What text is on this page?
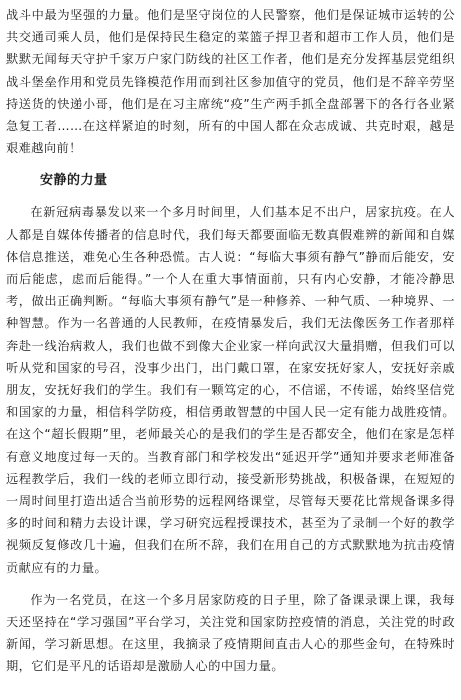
战斗中最为坚强的力量。他们是坚守岗位的人民警察，他们是保证城市运转的公共交通司乘人员，他们是保持民生稳定的菜篮子捍卫者和超市工作人员，他们是默默无闻每天守护千家万户家门防线的社区工作者，他们是充分发挥基层党组织战斗堡垒作用和党员先锋模范作用而到社区参加值守的党员，他们是不辞辛劳坚持送货的快递小哥，他们是在习主席统“疫”生产两手抓全盘部署下的各行各业紧急复工者……在这样紧迫的时刻，所有的中国人都在众志成诚、共克时艰，越是艰难越向前！

安静的力量

在新冠病毒暴发以来一个多月时间里，人们基本足不出户，居家抗疫。在人人都是自媒体传播者的信息时代，我们每天都要面临无数真假难辨的新闻和自媒体信息推送，难免心生各种恐慌。古人说：“每临大事须有静气”静而后能安，安而后能虑，虑而后能得。”一个人在重大事情面前，只有内心安静，才能冷静思考，做出正确判断。“每临大事须有静气”是一种修养、一种气质、一种境界、一种智慧。作为一名普通的人民教师，在疫情暴发后，我们无法像医务工作者那样奔赴一线治病救人，我们也做不到像大企业家一样向武汉大量捐赠，但我们可以听从党和国家的号召，没事少出门，出门戴口罩，在家安抚好家人，安抚好亲戚朋友，安抚好我们的学生。我们有一颗笃定的心，不信谣，不传谣，始终坚信党和国家的力量，相信科学防疫，相信勇敢智慧的中国人民一定有能力战胜疫情。在这个“超长假期”里，老师最关心的是我们的学生是否都安全，他们在家是怎样有意义地度过每一天的。当教育部门和学校发出“延迟开学”通知并要求老师准备远程教学后，我们一线的老师立即行动，接受新形势挑战，积极备课，在短短的一周时间里打造出适合当前形势的远程网络课堂，尽管每天要花比常规备课多得多的时间和精力去设计课，学习研究远程授课技术，甚至为了录制一个好的教学视频反复修改几十遍，但我们在所不辞，我们在用自己的方式默默地为抗击疫情贡献应有的力量。

作为一名党员，在这一个多月居家防疫的日子里，除了备课录课上课，我每天还坚持在“学习强国”平台学习，关注党和国家防控疫情的消息，关注党的时政新闻，学习新思想。在这里，我摘录了疫情期间直击人心的那些金句，在特殊时期，它们是平凡的话语却是激励人心的中国力量。
